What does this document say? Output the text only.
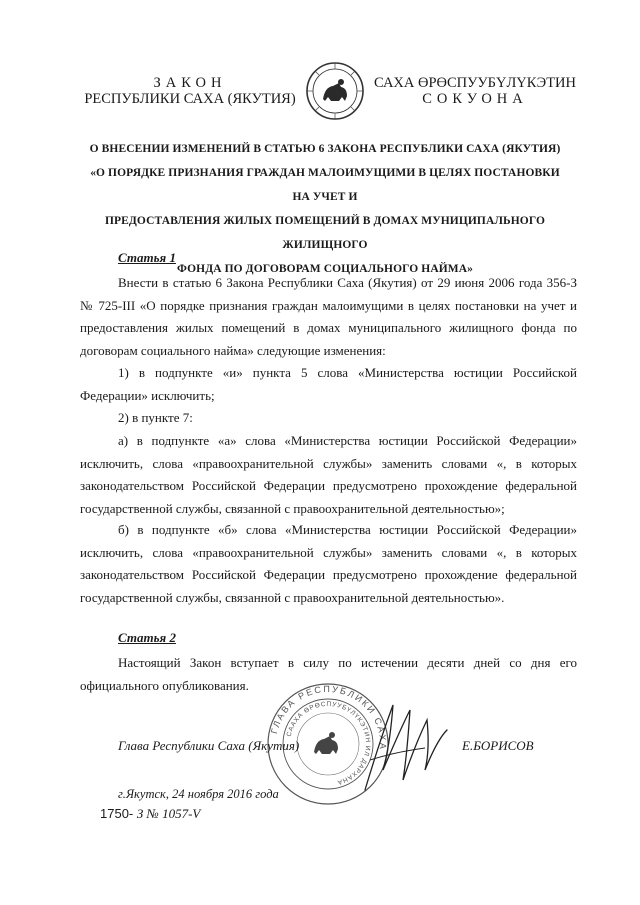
ЗАКОН
РЕСПУБЛИКИ САХА (ЯКУТИЯ)
САХА ӨРӨСПУУБҮЛҮКЭТИН
СОКУОНА
О ВНЕСЕНИИ ИЗМЕНЕНИЙ В СТАТЬЮ 6 ЗАКОНА РЕСПУБЛИКИ САХА (ЯКУТИЯ)
«О ПОРЯДКЕ ПРИЗНАНИЯ ГРАЖДАН МАЛОИМУЩИМИ В ЦЕЛЯХ ПОСТАНОВКИ НА УЧЕТ И
ПРЕДОСТАВЛЕНИЯ ЖИЛЫХ ПОМЕЩЕНИЙ В ДОМАХ МУНИЦИПАЛЬНОГО ЖИЛИЩНОГО
ФОНДА ПО ДОГОВОРАМ СОЦИАЛЬНОГО НАЙМА»
Статья 1

Внести в статью 6 Закона Республики Саха (Якутия) от 29 июня 2006 года 356-З № 725-III «О порядке признания граждан малоимущими в целях постановки на учет и предоставления жилых помещений в домах муниципального жилищного фонда по договорам социального найма» следующие изменения:

1) в подпункте «и» пункта 5 слова «Министерства юстиции Российской Федерации» исключить;

2) в пункте 7:

а) в подпункте «а» слова «Министерства юстиции Российской Федерации» исключить, слова «правоохранительной службы» заменить словами «, в которых законодательством Российской Федерации предусмотрено прохождение федеральной государственной службы, связанной с правоохранительной деятельностью»;

б) в подпункте «б» слова «Министерства юстиции Российской Федерации» исключить, слова «правоохранительной службы» заменить словами «, в которых законодательством Российской Федерации предусмотрено прохождение федеральной государственной службы, связанной с правоохранительной деятельностью».

Статья 2

Настоящий Закон вступает в силу по истечении десяти дней со дня его официального опубликования.

ГЛАВА РЕСПУБЛИКИ САХА
СААХА ӨРӨСПУУБҮЛҮКЭТИН ИЛ ДАРХАНА
Глава Республики Саха (Якутия)	Е.БОРИСОВ
г.Якутск, 24 ноября 2016 года
1750- З № 1057-V
